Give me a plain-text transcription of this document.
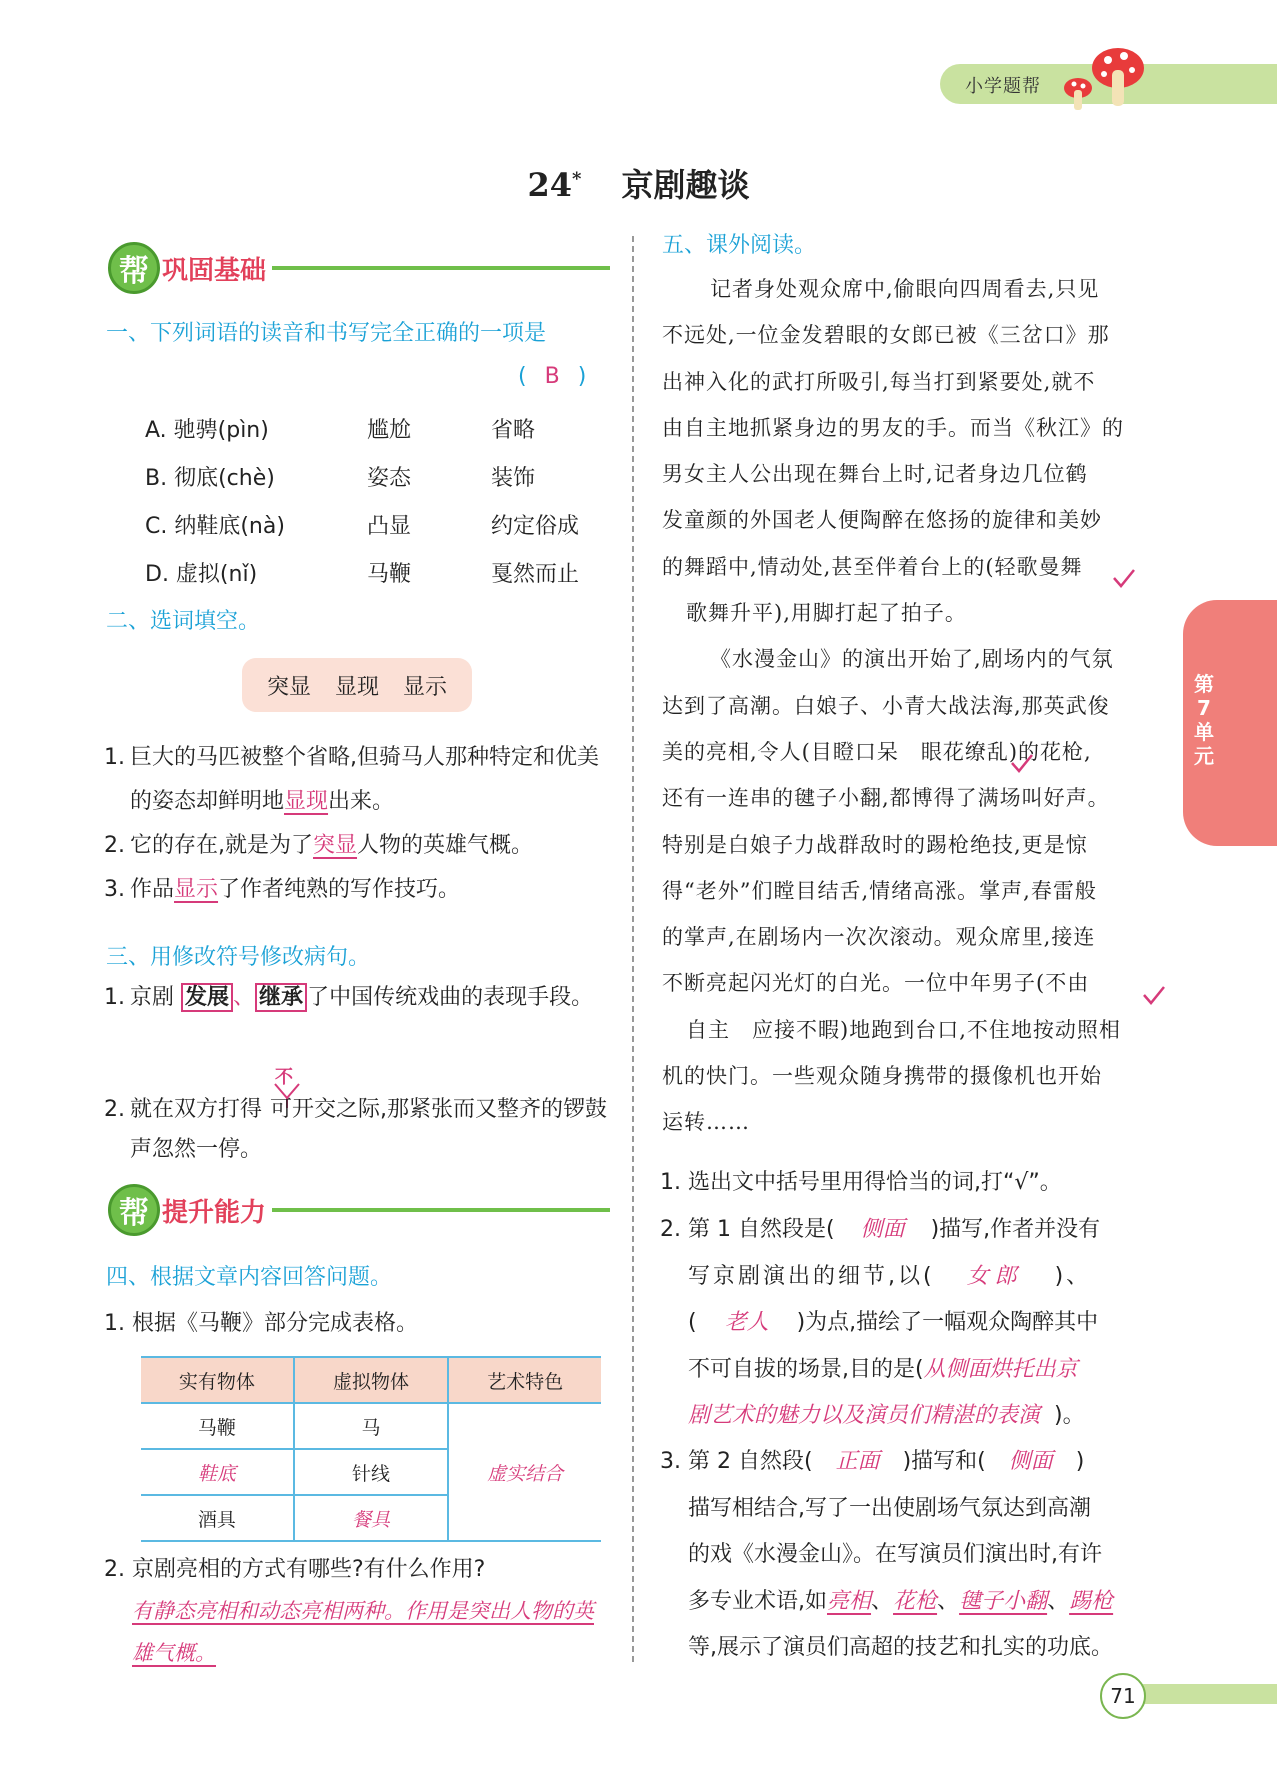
小学题帮
24* 京剧趣谈
帮 巩固基础
一、下列词语的读音和书写完全正确的一项是
( B )
A. 驰骋(pìn)	尴尬	省略
B. 彻底(chè)	姿态	装饰
C. 纳鞋底(nà)	凸显	约定俗成
D. 虚拟(nǐ)	马鞭	戛然而止
二、选词填空。
突显 显现 显示
1. 巨大的马匹被整个省略,但骑马人那种特定和优美的姿态却鲜明地显现出来。
2. 它的存在,就是为了突显人物的英雄气概。
3. 作品显示了作者纯熟的写作技巧。
三、用修改符号修改病句。
1. 京剧 发展 、 继承 了中国传统戏曲的表现手段。
不
2. 就在双方打得 可开交之际,那紧张而又整齐的锣鼓声忽然一停。
帮 提升能力
四、根据文章内容回答问题。
1. 根据《马鞭》部分完成表格。
实有物体	虚拟物体	艺术特色
马鞭	马	虚实结合
鞋底	针线	
酒具	餐具	
2. 京剧亮相的方式有哪些?有什么作用?
有静态亮相和动态亮相两种。作用是突出人物的英雄气概。
五、课外阅读。
记者身处观众席中,偷眼向四周看去,只见
不远处,一位金发碧眼的女郎已被《三岔口》那
出神入化的武打所吸引,每当打到紧要处,就不
由自主地抓紧身边的男友的手。而当《秋江》的
男女主人公出现在舞台上时,记者身边几位鹤
发童颜的外国老人便陶醉在悠扬的旋律和美妙
的舞蹈中,情动处,甚至伴着台上的(轻歌曼舞
歌舞升平),用脚打起了拍子。
《水漫金山》的演出开始了,剧场内的气氛
达到了高潮。白娘子、小青大战法海,那英武俊
美的亮相,令人(目瞪口呆　眼花缭乱)的花枪,
还有一连串的毽子小翻,都博得了满场叫好声。
特别是白娘子力战群敌时的踢枪绝技,更是惊
得“老外”们瞠目结舌,情绪高涨。掌声,春雷般
的掌声,在剧场内一次次滚动。观众席里,接连
不断亮起闪光灯的白光。一位中年男子(不由
自主　应接不暇)地跑到台口,不住地按动照相
机的快门。一些观众随身携带的摄像机也开始
运转……
1. 选出文中括号里用得恰当的词,打“√”。
2. 第 1 自然段是( 侧面 )描写,作者并没有
写京剧演出的细节,以( 女郎 )、
( 老人 )为点,描绘了一幅观众陶醉其中
不可自拔的场景,目的是(从侧面烘托出京
剧艺术的魅力以及演员们精湛的表演 )。
3. 第 2 自然段( 正面 )描写和( 侧面 )
描写相结合,写了一出使剧场气氛达到高潮
的戏《水漫金山》。在写演员们演出时,有许
多专业术语,如亮相、花枪、毽子小翻、踢枪
等,展示了演员们高超的技艺和扎实的功底。
第7单元
71
